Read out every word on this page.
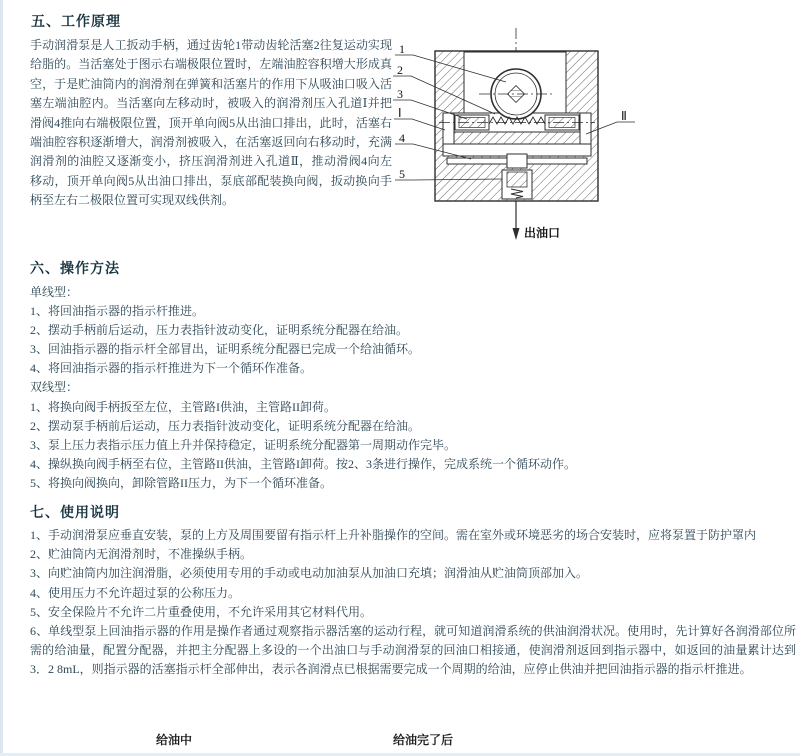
五、工作原理
手动润滑泵是人工扳动手柄，通过齿轮1带动齿轮活塞2往复运动实现给脂的。当活塞处于图示右端极限位置时，左端油腔容积增大形成真空，于是贮油筒内的润滑剂在弹簧和活塞片的作用下从吸油口吸入活塞左端油腔内。当活塞向左移动时，被吸入的润滑剂压入孔道Ⅰ并把滑阀4推向右端极限位置，顶开单向阀5从出油口排出，此时，活塞右端油腔容积逐渐增大，润滑剂被吸入，在活塞返回向右移动时，充满润滑剂的油腔又逐渐变小，挤压润滑剂进入孔道Ⅱ，推动滑阀4向左移动，顶开单向阀5从出油口排出，泵底部配装换向阀，扳动换向手柄至左右二极限位置可实现双线供剂。
1
2
3
Ⅰ
4
5
Ⅱ
出油口
六、操作方法
单线型：
1、将回油指示器的指示杆推进。
2、摆动手柄前后运动，压力表指针波动变化，证明系统分配器在给油。
3、回油指示器的指示杆全部冒出，证明系统分配器已完成一个给油循环。
4、将回油指示器的指示杆推进为下一个循环作准备。
双线型：
1、将换向阀手柄扳至左位，主管路I供油，主管路II卸荷。
2、摆动泵手柄前后运动，压力表指针波动变化，证明系统分配器在给油。
3、泵上压力表指示压力值上升并保持稳定，证明系统分配器第一周期动作完毕。
4、操纵换向阀手柄至右位，主管路II供油，主管路I卸荷。按2、3条进行操作，完成系统一个循环动作。
5、将换向阀换向，卸除管路II压力，为下一个循环准备。
七、使用说明
1、手动润滑泵应垂直安装，泵的上方及周围要留有指示杆上升补脂操作的空间。需在室外或环境恶劣的场合安装时，应将泵置于防护罩内
2、贮油筒内无润滑剂时，不准操纵手柄。
3、向贮油筒内加注润滑脂，必须使用专用的手动或电动加油泵从加油口充填；润滑油从贮油筒顶部加入。
4、使用压力不允许超过泵的公称压力。
5、安全保险片不允许二片重叠使用，不允许采用其它材料代用。
6、单线型泵上回油指示器的作用是操作者通过观察指示器活塞的运动行程，就可知道润滑系统的供油润滑状况。使用时，先计算好各润滑部位所需的给油量，配置分配器，并把主分配器上多设的一个出油口与手动润滑泵的回油口相接通，使润滑剂返回到指示器中，如返回的油量累计达到3．2 8mL，则指示器的活塞指示杆全部伸出，表示各润滑点已根据需要完成一个周期的给油，应停止供油并把回油指示器的指示杆推进。
给油中	给油完了后
